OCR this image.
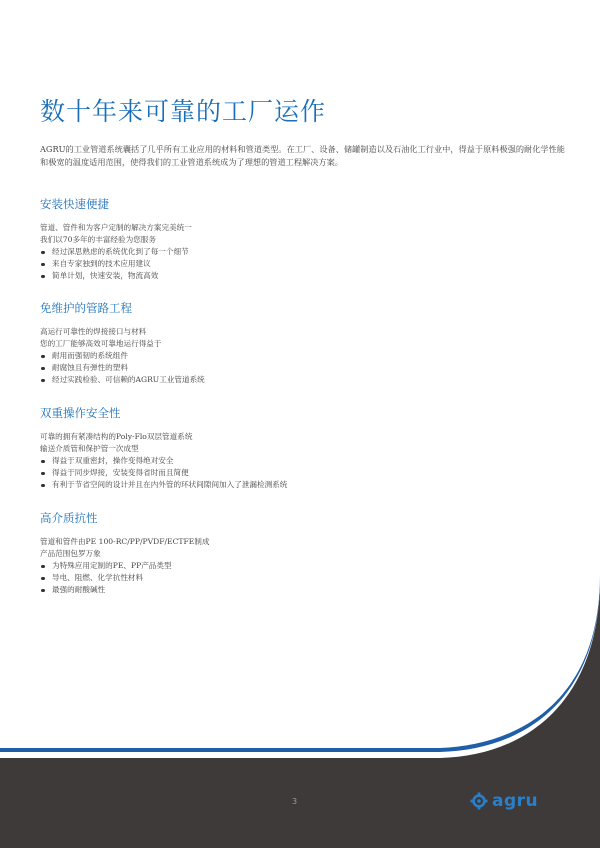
数十年来可靠的工厂运作
AGRU的工业管道系统囊括了几乎所有工业应用的材料和管道类型。在工厂、设备、储罐制造以及石油化工行业中，得益于原料极强的耐化学性能和极宽的温度适用范围，使得我们的工业管道系统成为了理想的管道工程解决方案。
安装快速便捷
管道、管件和为客户定制的解决方案完美统一
我们以70多年的丰富经验为您服务
经过深思熟虑的系统优化到了每一个细节
来自专家独到的技术应用建议
简单计划，快速安装，物流高效
免维护的管路工程
高运行可靠性的焊接接口与材料
您的工厂能够高效可靠地运行得益于
耐用而强韧的系统组件
耐腐蚀且有弹性的塑料
经过实践检验、可信赖的AGRU工业管道系统
双重操作安全性
可靠的拥有紧凑结构的Poly-Flo双层管道系统
输送介质管和保护管一次成型
得益于双重密封，操作变得绝对安全
得益于同步焊接，安装变得省时而且简便
有利于节省空间的设计并且在内外管的环状间隙间加入了泄漏检测系统
高介质抗性
管道和管件由PE 100-RC/PP/PVDF/ECTFE制成
产品范围包罗万象
为特殊应用定制的PE、PP产品类型
导电、阻燃、化学抗性材料
最强的耐酸碱性
3	agru
